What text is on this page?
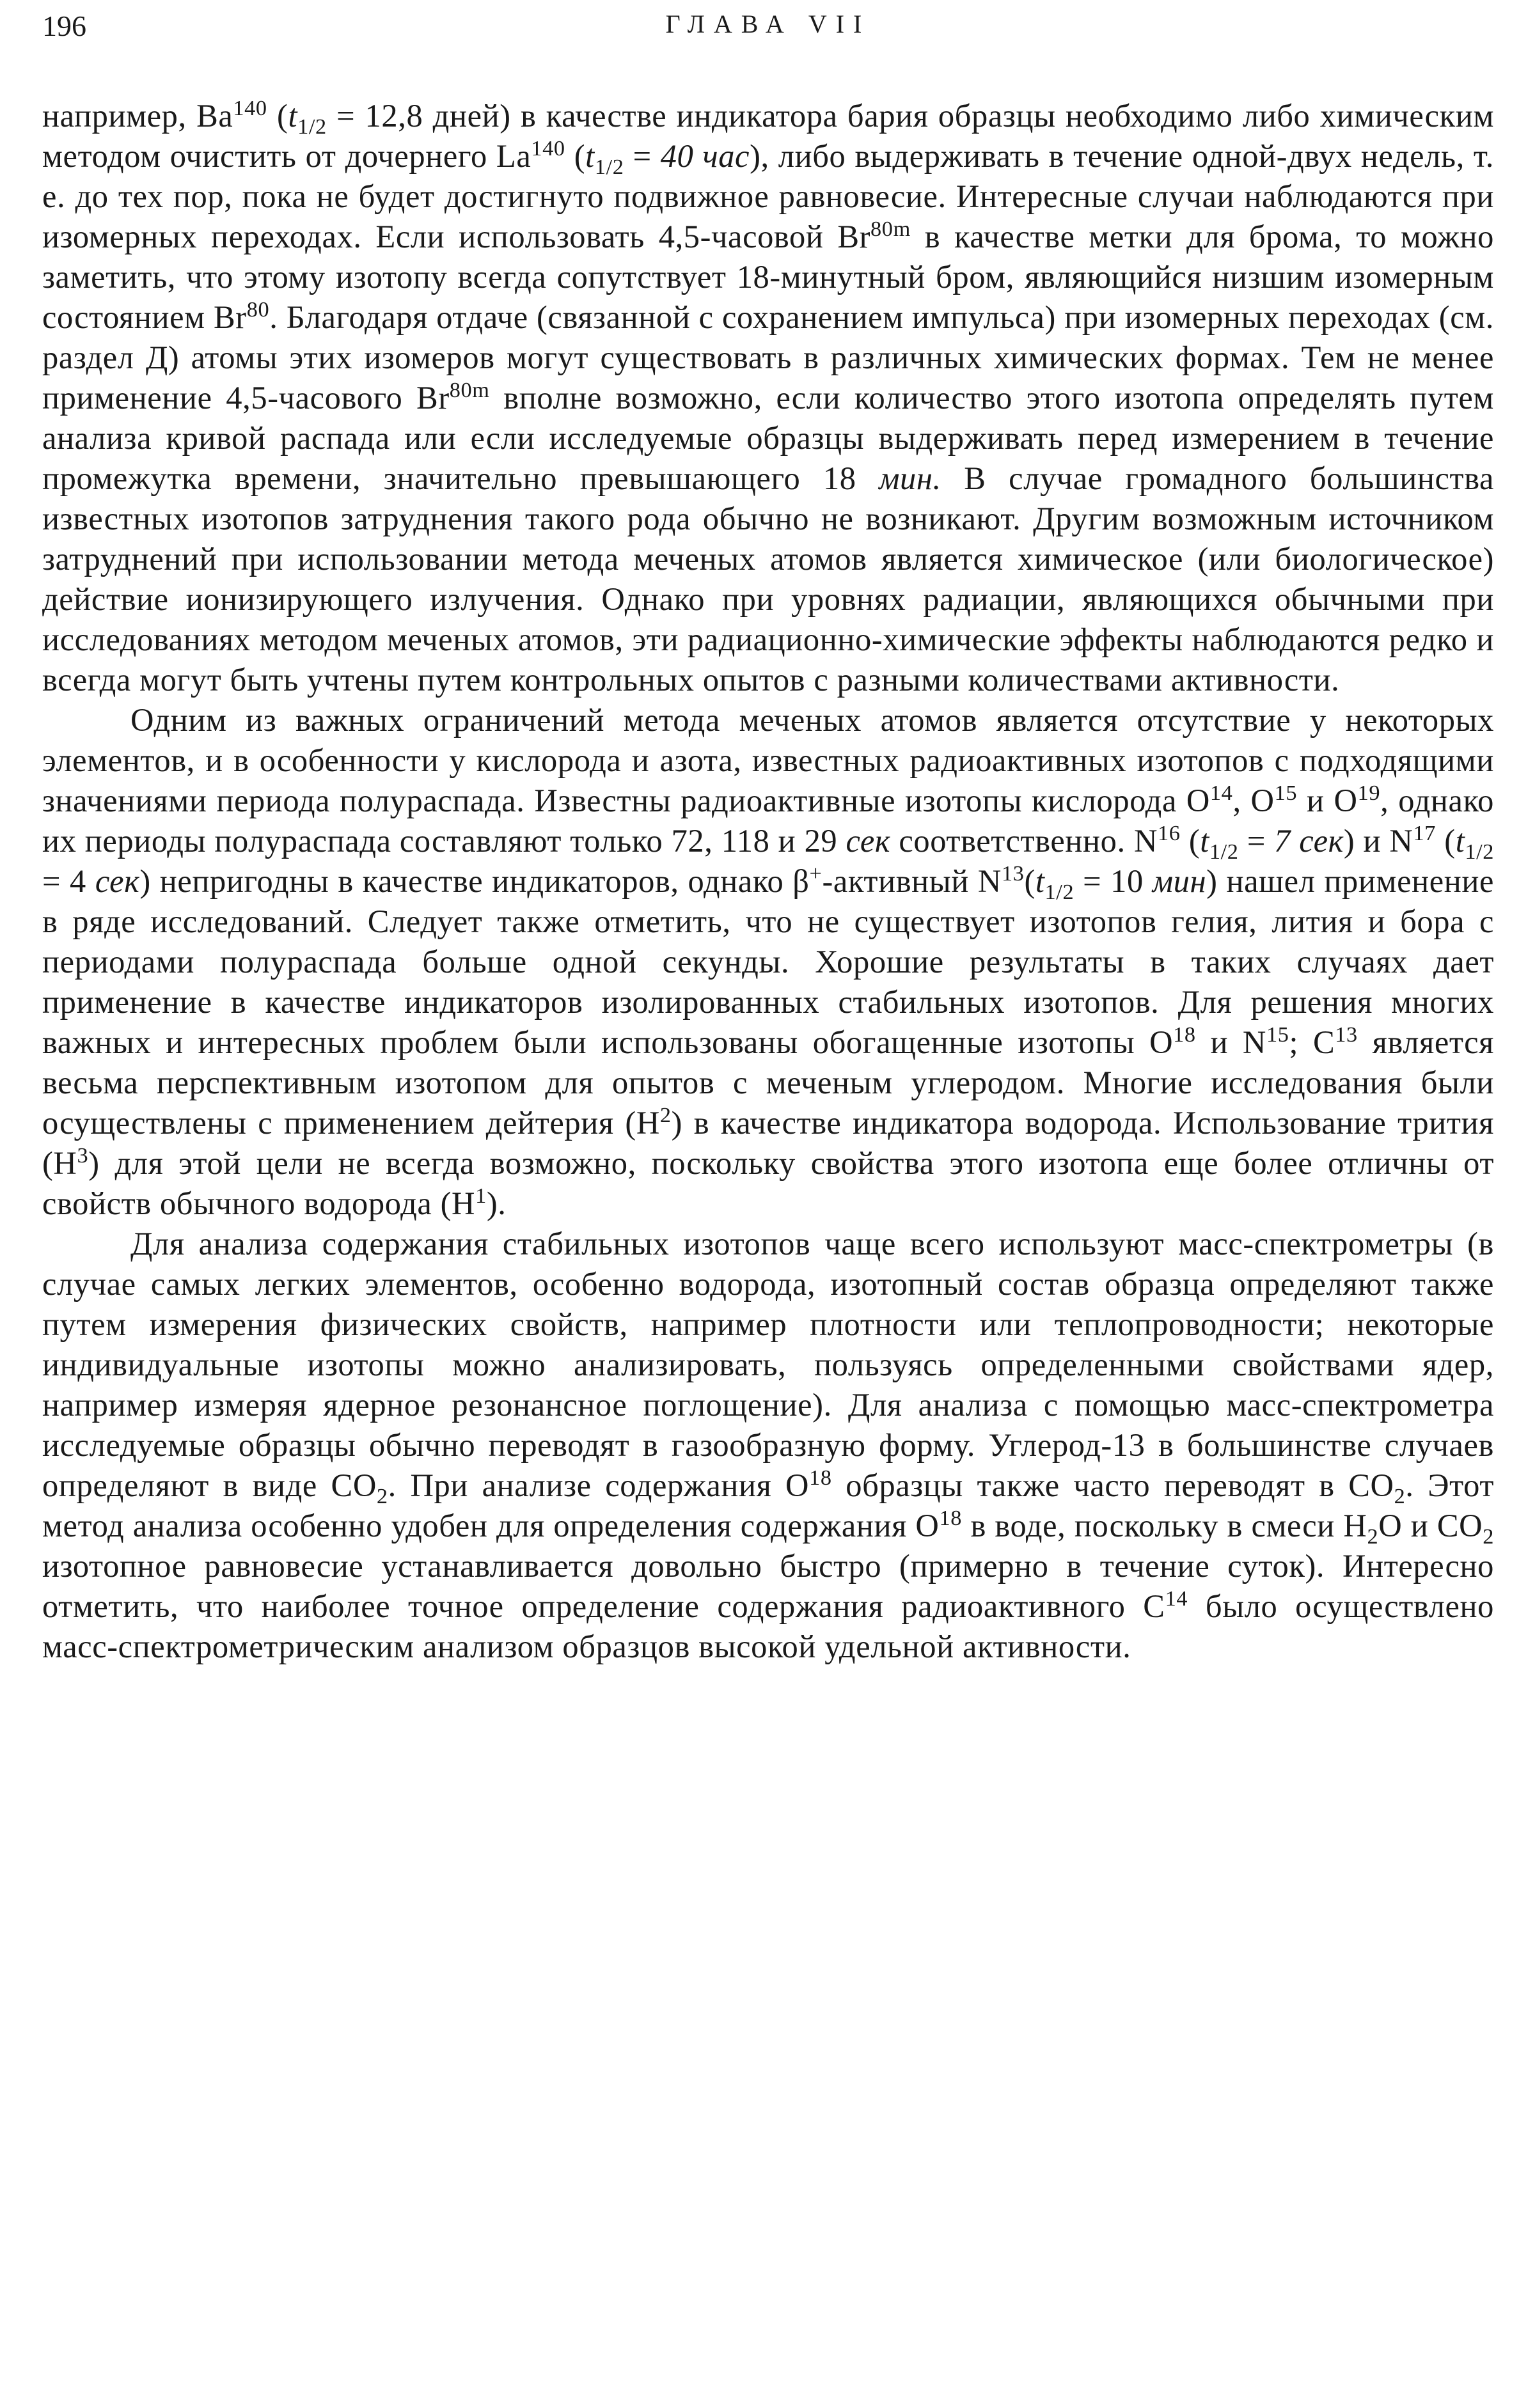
196	ГЛАВА VII

например, Ba$^{140}$ ($t_{1/2} = 12,8$ дней) в качестве индикатора бария образцы необходимо либо химическим методом очистить от дочернего La$^{140}$ ($t_{1/2} = 40$ час), либо выдерживать в течение одной-двух недель, т. е. до тех пор, пока не будет достигнуто подвижное равновесие. Интересные случаи наблюдаются при изомерных переходах. Если использовать 4,5-часовой $Br^{80m}$ в качестве метки для брома, то можно заметить, что этому изотопу всегда сопутствует 18-минутный бром, являющийся низшим изомерным состоянием Br$^{80}$. Благодаря отдаче (связанной с сохранением импульса) при изомерных переходах (см. раздел Д) атомы этих изомеров могут существовать в различных химических формах. Тем не менее применение 4,5-часового $Br^{80m}$ вполне возможно, если количество этого изотопа определять путем анализа кривой распада или если исследуемые образцы выдерживать перед измерением в течение промежутка времени, значительно превышающего 18 мин. В случае громадного большинства известных изотопов затруднения такого рода обычно не возникают. Другим возможным источником затруднений при использовании метода меченых атомов является химическое (или биологическое) действие ионизирующего излучения. Однако при уровнях радиации, являющихся обычными при исследованиях методом меченых атомов, эти радиационно-химические эффекты наблюдаются редко и всегда могут быть учтены путем контрольных опытов с разными количествами активности.

Одним из важных ограничений метода меченых атомов является отсутствие у некоторых элементов, и в особенности у кислорода и азота, известных радиоактивных изотопов с подходящими значениями периода полураспада. Известны радиоактивные изотопы кислорода $O^{14}$, $O^{15}$ и $O^{19}$, однако их периоды полураспада составляют только 72, 118 и 29 сек соответственно. $N^{16}$ ($t_{1/2} = 7$ сек) и $N^{17}$ ($t_{1/2} = 4$ сек) непригодны в качестве индикаторов, однако β+-активный $N^{13}(t_{1/2} = 10$ мин) нашел применение в ряде исследований. Следует также отметить, что не существует изотопов гелия, лития и бора с периодами полураспада больше одной секунды. Хорошие результаты в таких случаях дает применение в качестве индикаторов изолированных стабильных изотопов. Для решения многих важных и интересных проблем были использованы обогащенные изотопы $O^{18}$ и $N^{15}$; $C^{13}$ является весьма перспективным изотопом для опытов с меченым углеродом. Многие исследования были осуществлены с применением дейтерия $(H^2)$ в качестве индикатора водорода. Использование трития $(H^3)$ для этой цели не всегда возможно, поскольку свойства этого изотопа еще более отличны от свойств обычного водорода $(H^1)$.

Для анализа содержания стабильных изотопов чаще всего используют масс-спектрометры (в случае самых легких элементов, особенно водорода, изотопный состав образца определяют также путем измерения физических свойств, например плотности или теплопроводности; некоторые индивидуальные изотопы можно анализировать, пользуясь определенными свойствами ядер, например измеряя ядерное резонансное поглощение). Для анализа с помощью масс-спектрометра исследуемые образцы обычно переводят в газообразную форму. Углерод-13 в большинстве случаев определяют в виде $CO_2$. При анализе содержания $O^{18}$ образцы также часто переводят в $CO_2$. Этот метод анализа особенно удобен для определения содержания $O^{18}$ в воде, поскольку в смеси $H_2O$ и $CO_2$ изотопное равновесие устанавливается довольно быстро (примерно в течение суток). Интересно отметить, что наиболее точное определение содержания радиоактивного $C^{14}$ было осуществлено масс-спектрометрическим анализом образцов высокой удельной активности.
